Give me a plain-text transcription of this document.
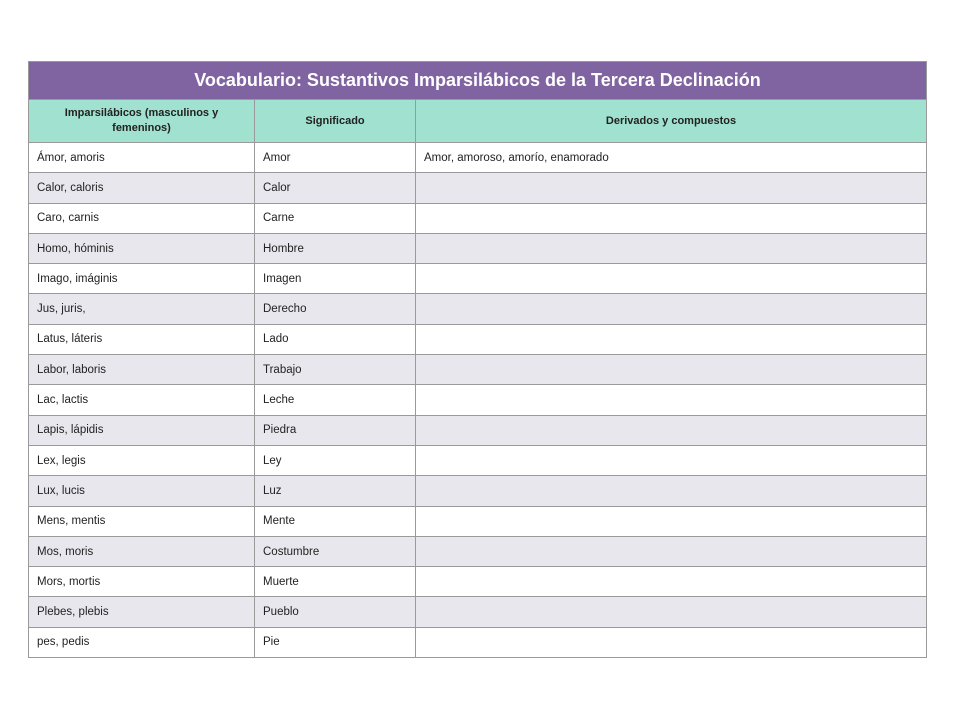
Vocabulario: Sustantivos Imparsilábicos de la Tercera Declinación		
Imparsilábicos (masculinos y femeninos)	Significado	Derivados y compuestos
Ámor, amoris	Amor	Amor, amoroso, amorío, enamorado
Calor, caloris	Calor	
Caro, carnis	Carne	
Homo, hóminis	Hombre	
Imago, imáginis	Imagen	
Jus, juris,	Derecho	
Latus, láteris	Lado	
Labor, laboris	Trabajo	
Lac, lactis	Leche	
Lapis, lápidis	Piedra	
Lex, legis	Ley	
Lux, lucis	Luz	
Mens, mentis	Mente	
Mos, moris	Costumbre	
Mors, mortis	Muerte	
Plebes, plebis	Pueblo	
pes, pedis	Pie	
